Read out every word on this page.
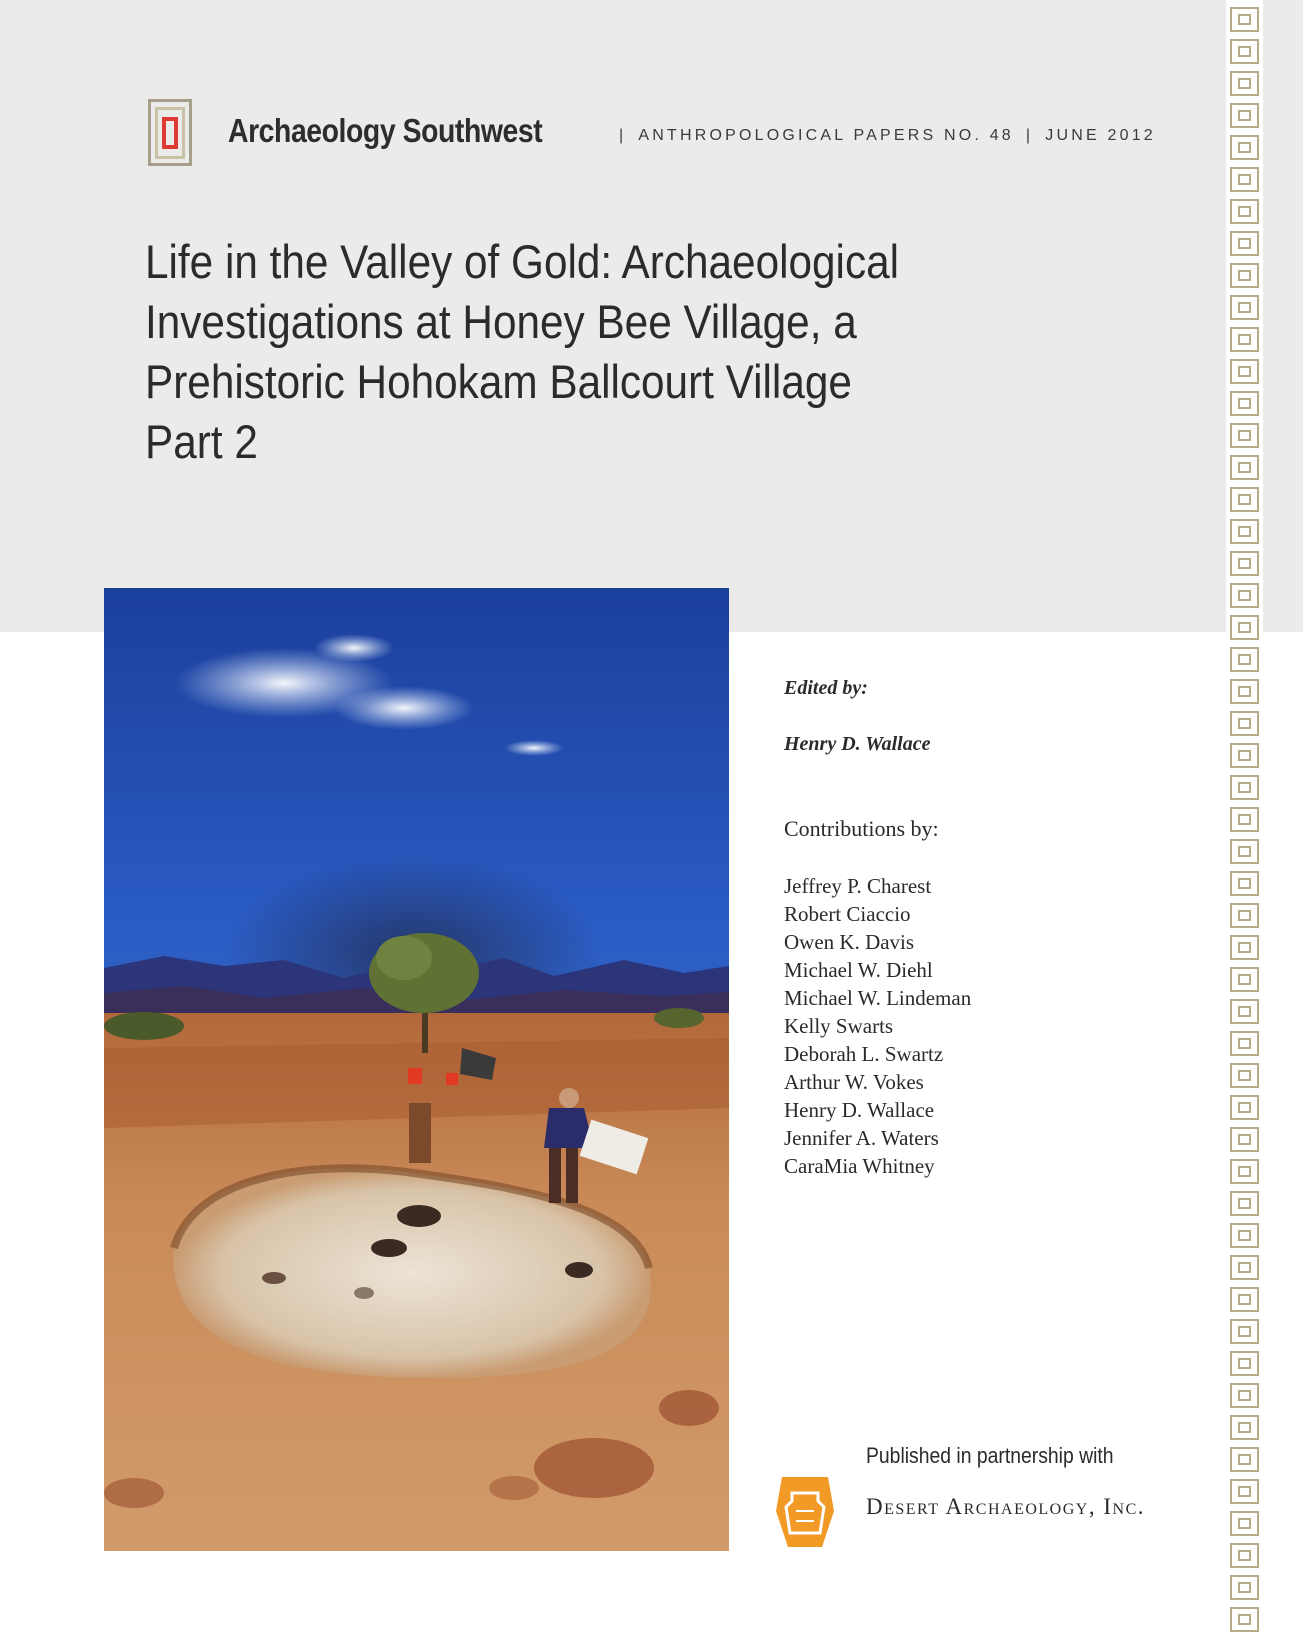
Archaeology Southwest	| ANTHROPOLOGICAL PAPERS NO. 48 | JUNE 2012
Life in the Valley of Gold: Archaeological
Investigations at Honey Bee Village, a
Prehistoric Hohokam Ballcourt Village
Part 2
Edited by:
Henry D. Wallace
Contributions by:
Jeffrey P. Charest
Robert Ciaccio
Owen K. Davis
Michael W. Diehl
Michael W. Lindeman
Kelly Swarts
Deborah L. Swartz
Arthur W. Vokes
Henry D. Wallace
Jennifer A. Waters
CaraMia Whitney
Published in partnership with
Desert Archaeology, Inc.
